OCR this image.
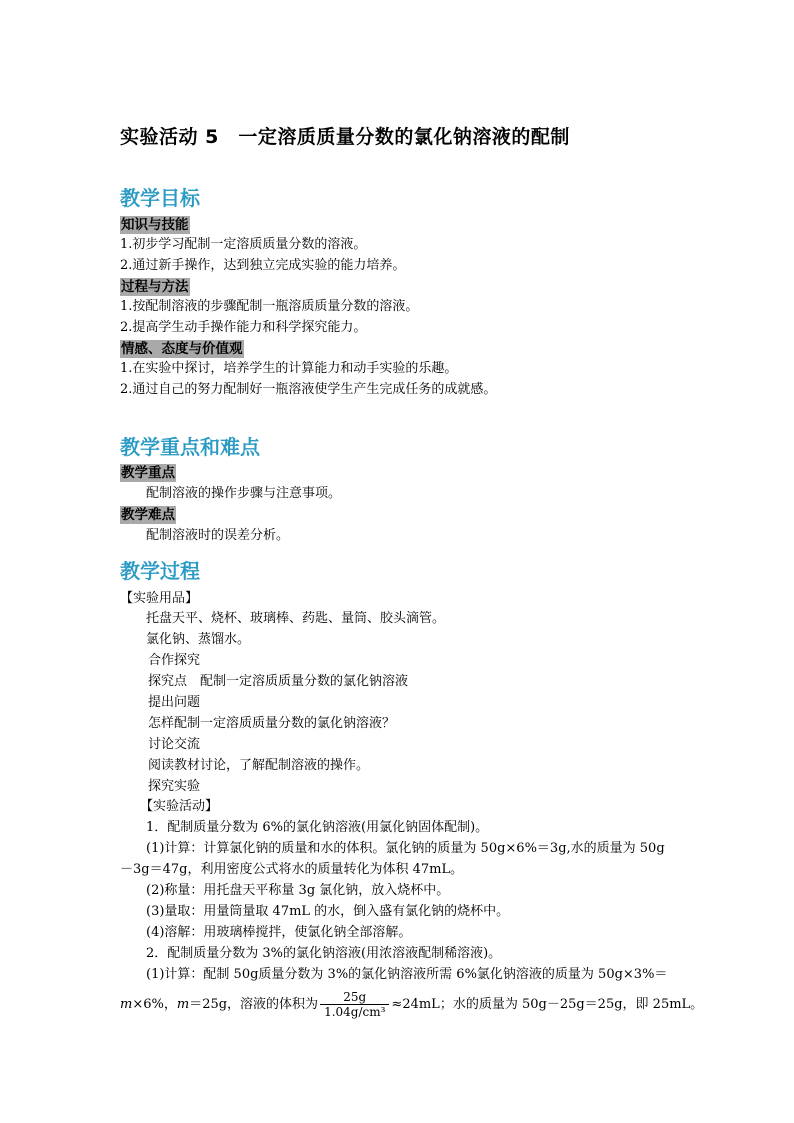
实验活动 5　一定溶质质量分数的氯化钠溶液的配制
教学目标
知识与技能
1.初步学习配制一定溶质质量分数的溶液。
2.通过新手操作，达到独立完成实验的能力培养。
过程与方法
1.按配制溶液的步骤配制一瓶溶质质量分数的溶液。
2.提高学生动手操作能力和科学探究能力。
情感、态度与价值观
1.在实验中探讨，培养学生的计算能力和动手实验的乐趣。
2.通过自己的努力配制好一瓶溶液使学生产生完成任务的成就感。
教学重点和难点
教学重点
配制溶液的操作步骤与注意事项。
教学难点
配制溶液时的误差分析。
教学过程
【实验用品】
托盘天平、烧杯、玻璃棒、药匙、量筒、胶头滴管。
氯化钠、蒸馏水。
合作探究
探究点　配制一定溶质质量分数的氯化钠溶液
提出问题
怎样配制一定溶质质量分数的氯化钠溶液？
讨论交流
阅读教材讨论，了解配制溶液的操作。
探究实验
【实验活动】
1．配制质量分数为 6%的氯化钠溶液(用氯化钠固体配制)。
(1)计算：计算氯化钠的质量和水的体积。氯化钠的质量为 50g×6%＝3g,水的质量为 50g
－3g＝47g，利用密度公式将水的质量转化为体积 47mL。
(2)称量：用托盘天平称量 3g 氯化钠，放入烧杯中。
(3)量取：用量筒量取 47mL 的水，倒入盛有氯化钠的烧杯中。
(4)溶解：用玻璃棒搅拌，使氯化钠全部溶解。
2．配制质量分数为 3%的氯化钠溶液(用浓溶液配制稀溶液)。
(1)计算：配制 50g质量分数为 3%的氯化钠溶液所需 6%氯化钠溶液的质量为 50g×3%＝
m×6%，m＝25g，溶液的体积为 $\frac{25g}{\text{1.04g/cm³}} \approx 24mL$；水的质量为 50g－25g＝25g，即 25mL。
